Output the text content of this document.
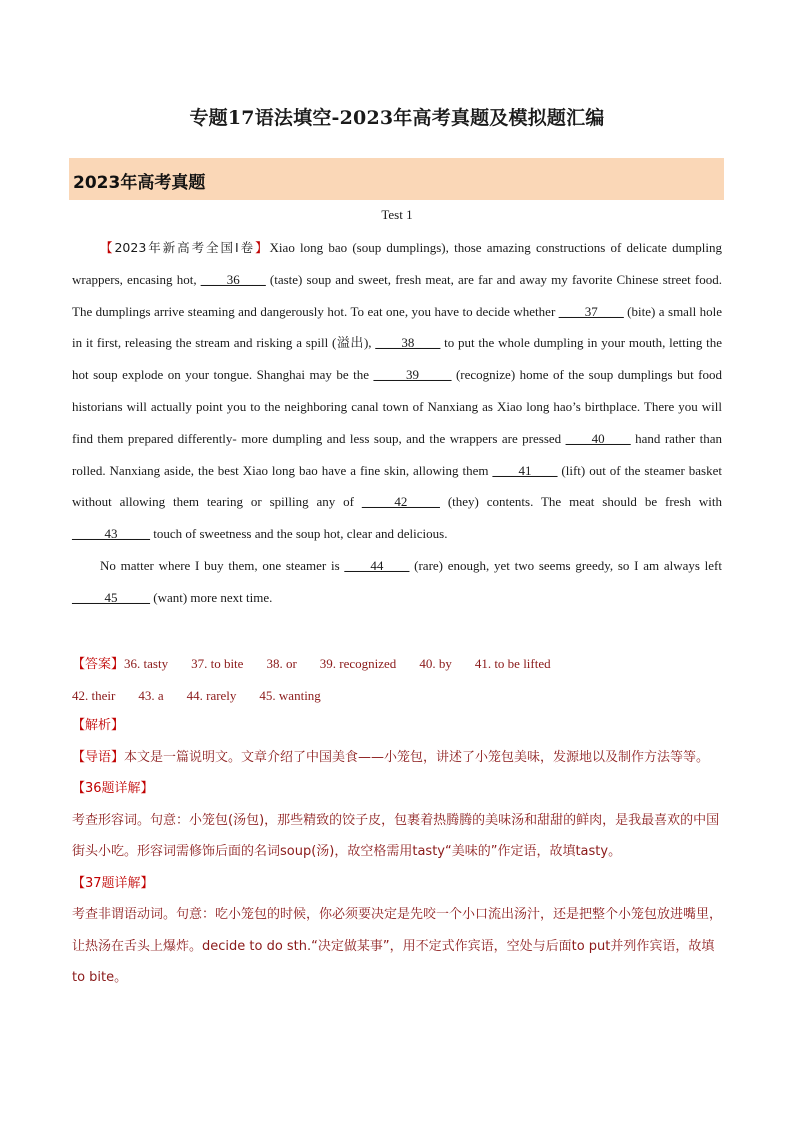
专题17语法填空-2023年高考真题及模拟题汇编
2023年高考真题
Test 1

【2023年新高考全国Ⅰ卷】Xiao long bao (soup dumplings), those amazing constructions of delicate dumpling wrappers, encasing hot, ____36____ (taste) soup and sweet, fresh meat, are far and away my favorite Chinese street food. The dumplings arrive steaming and dangerously hot. To eat one, you have to decide whether ____37____ (bite) a small hole in it first, releasing the stream and risking a spill (溢出), ____38____ to put the whole dumpling in your mouth, letting the hot soup explode on your tongue. Shanghai may be the _____39_____ (recognize) home of the soup dumplings but food historians will actually point you to the neighboring canal town of Nanxiang as Xiao long hao’s birthplace. There you will find them prepared differently- more dumpling and less soup, and the wrappers are pressed ____40____ hand rather than rolled. Nanxiang aside, the best Xiao long bao have a fine skin, allowing them ____41____ (lift) out of the steamer basket without allowing them tearing or spilling any of _____42_____ (they) contents. The meat should be fresh with _____43_____ touch of sweetness and the soup hot, clear and delicious.

No matter where I buy them, one steamer is ____44____ (rare) enough, yet two seems greedy, so I am always left _____45_____ (want) more next time.

【答案】36. tasty 37. to bite 38. or 39. recognized 40. by 41. to be lifted
42. their 43. a 44. rarely 45. wanting

【解析】

【导语】本文是一篇说明文。文章介绍了中国美食——小笼包，讲述了小笼包美味，发源地以及制作方法等等。

【36题详解】

考查形容词。句意：小笼包(汤包)，那些精致的饺子皮，包裹着热腾腾的美味汤和甜甜的鲜肉，是我最喜欢的中国街头小吃。形容词需修饰后面的名词soup(汤)，故空格需用tasty“美味的”作定语，故填tasty。

【37题详解】

考查非谓语动词。句意：吃小笼包的时候，你必须要决定是先咬一个小口流出汤汁，还是把整个小笼包放进嘴里，让热汤在舌头上爆炸。decide to do sth.“决定做某事”，用不定式作宾语，空处与后面to put并列作宾语，故填to bite。
